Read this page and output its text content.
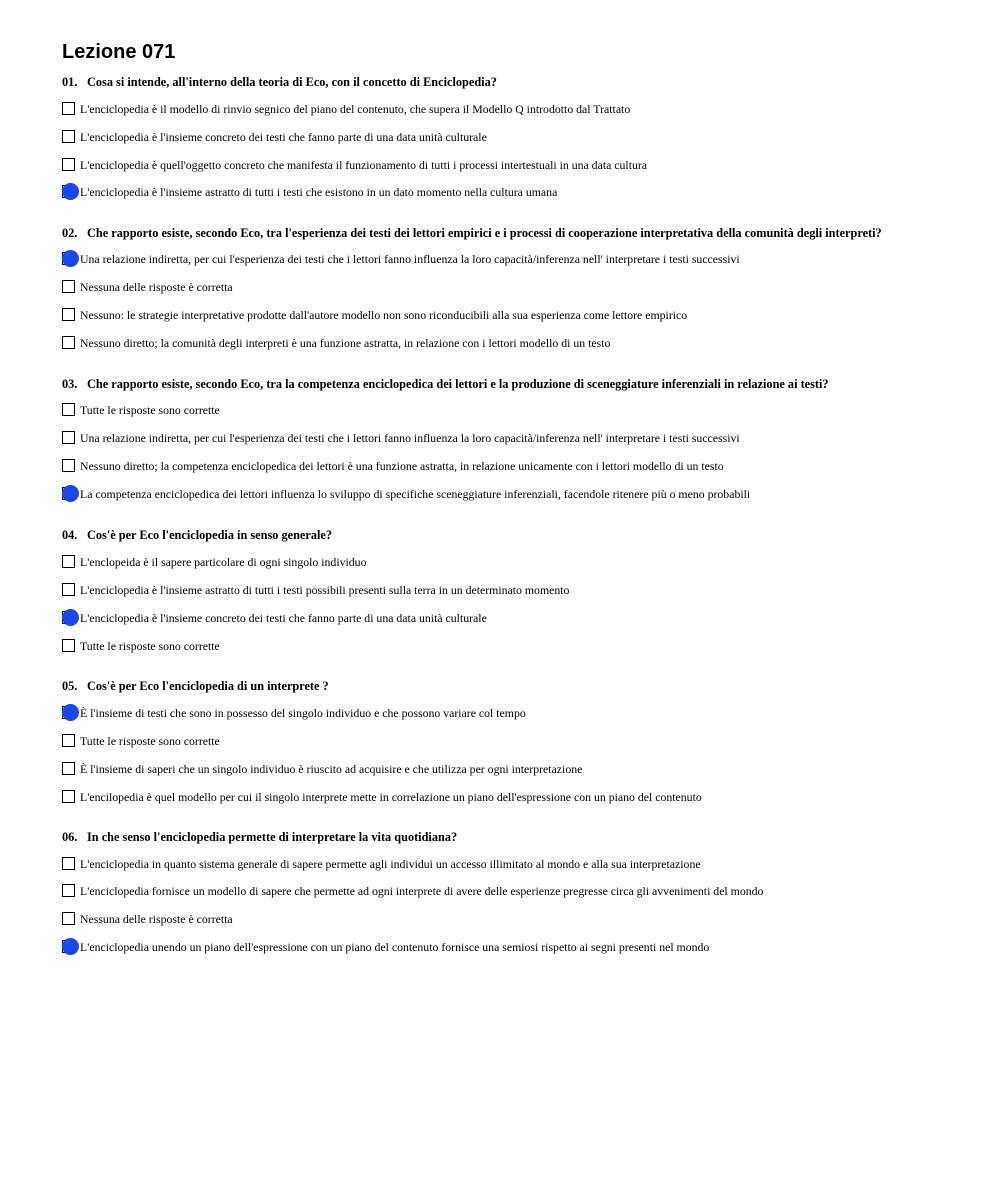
Lezione 071
01. Cosa si intende, all'interno della teoria di Eco, con il concetto di Enciclopedia?
L'enciclopedia è il modello di rinvio segnico del piano del contenuto, che supera il Modello Q introdotto dal Trattato
L'enciclopedia è l'insieme concreto dei testi che fanno parte di una data unità culturale
L'enciclopedia è quell'oggetto concreto che manifesta il funzionamento di tutti i processi intertestuali in una data cultura
L'enciclopedia è l'insieme astratto di tutti i testi che esistono in un dato momento nella cultura umana
02. Che rapporto esiste, secondo Eco, tra l'esperienza dei testi dei lettori empirici e i processi di cooperazione interpretativa della comunità degli interpreti?
Una relazione indiretta, per cui l'esperienza dei testi che i lettori fanno influenza la loro capacità/inferenza nell' interpretare i testi successivi
Nessuna delle risposte è corretta
Nessuno: le strategie interpretative prodotte dall'autore modello non sono riconducibili alla sua esperienza come lettore empirico
Nessuno diretto; la comunità degli interpreti è una funzione astratta, in relazione con i lettori modello di un testo
03. Che rapporto esiste, secondo Eco, tra la competenza enciclopedica dei lettori e la produzione di sceneggiature inferenziali in relazione ai testi?
Tutte le risposte sono corrette
Una relazione indiretta, per cui l'esperienza dei testi che i lettori fanno influenza la loro capacità/inferenza nell' interpretare i testi successivi
Nessuno diretto; la competenza enciclopedica dei lettori è una funzione astratta, in relazione unicamente con i lettori modello di un testo
La competenza enciclopedica dei lettori influenza lo sviluppo di specifiche sceneggiature inferenziali, facendole ritenere più o meno probabili
04. Cos'è per Eco l'enciclopedia in senso generale?
L'enclopeida è il sapere particolare di ogni singolo individuo
L'enciclopedia è l'insieme astratto di tutti i testi possibili presenti sulla terra in un determinato momento
L'enciclopedia è l'insieme concreto dei testi che fanno parte di una data unità culturale
Tutte le risposte sono corrette
05. Cos'è per Eco l'enciclopedia di un interprete ?
È l'insieme di testi che sono in possesso del singolo individuo e che possono variare col tempo
Tutte le risposte sono corrette
È l'insieme di saperi che un singolo individuo è riuscito ad acquisire e che utilizza per ogni interpretazione
L'encilopedia è quel modello per cui il singolo interprete mette in correlazione un piano dell'espressione con un piano del contenuto
06. In che senso l'enciclopedia permette di interpretare la vita quotidiana?
L'enciclopedia in quanto sistema generale di sapere permette agli individui un accesso illimitato al mondo e alla sua interpretazione
L'enciclopedia fornisce un modello di sapere che permette ad ogni interprete di avere delle esperienze pregresse circa gli avvenimenti del mondo
Nessuna delle risposte è corretta
L'enciclopedia unendo un piano dell'espressione con un piano del contenuto fornisce una semiosi rispetto ai segni presenti nel mondo
